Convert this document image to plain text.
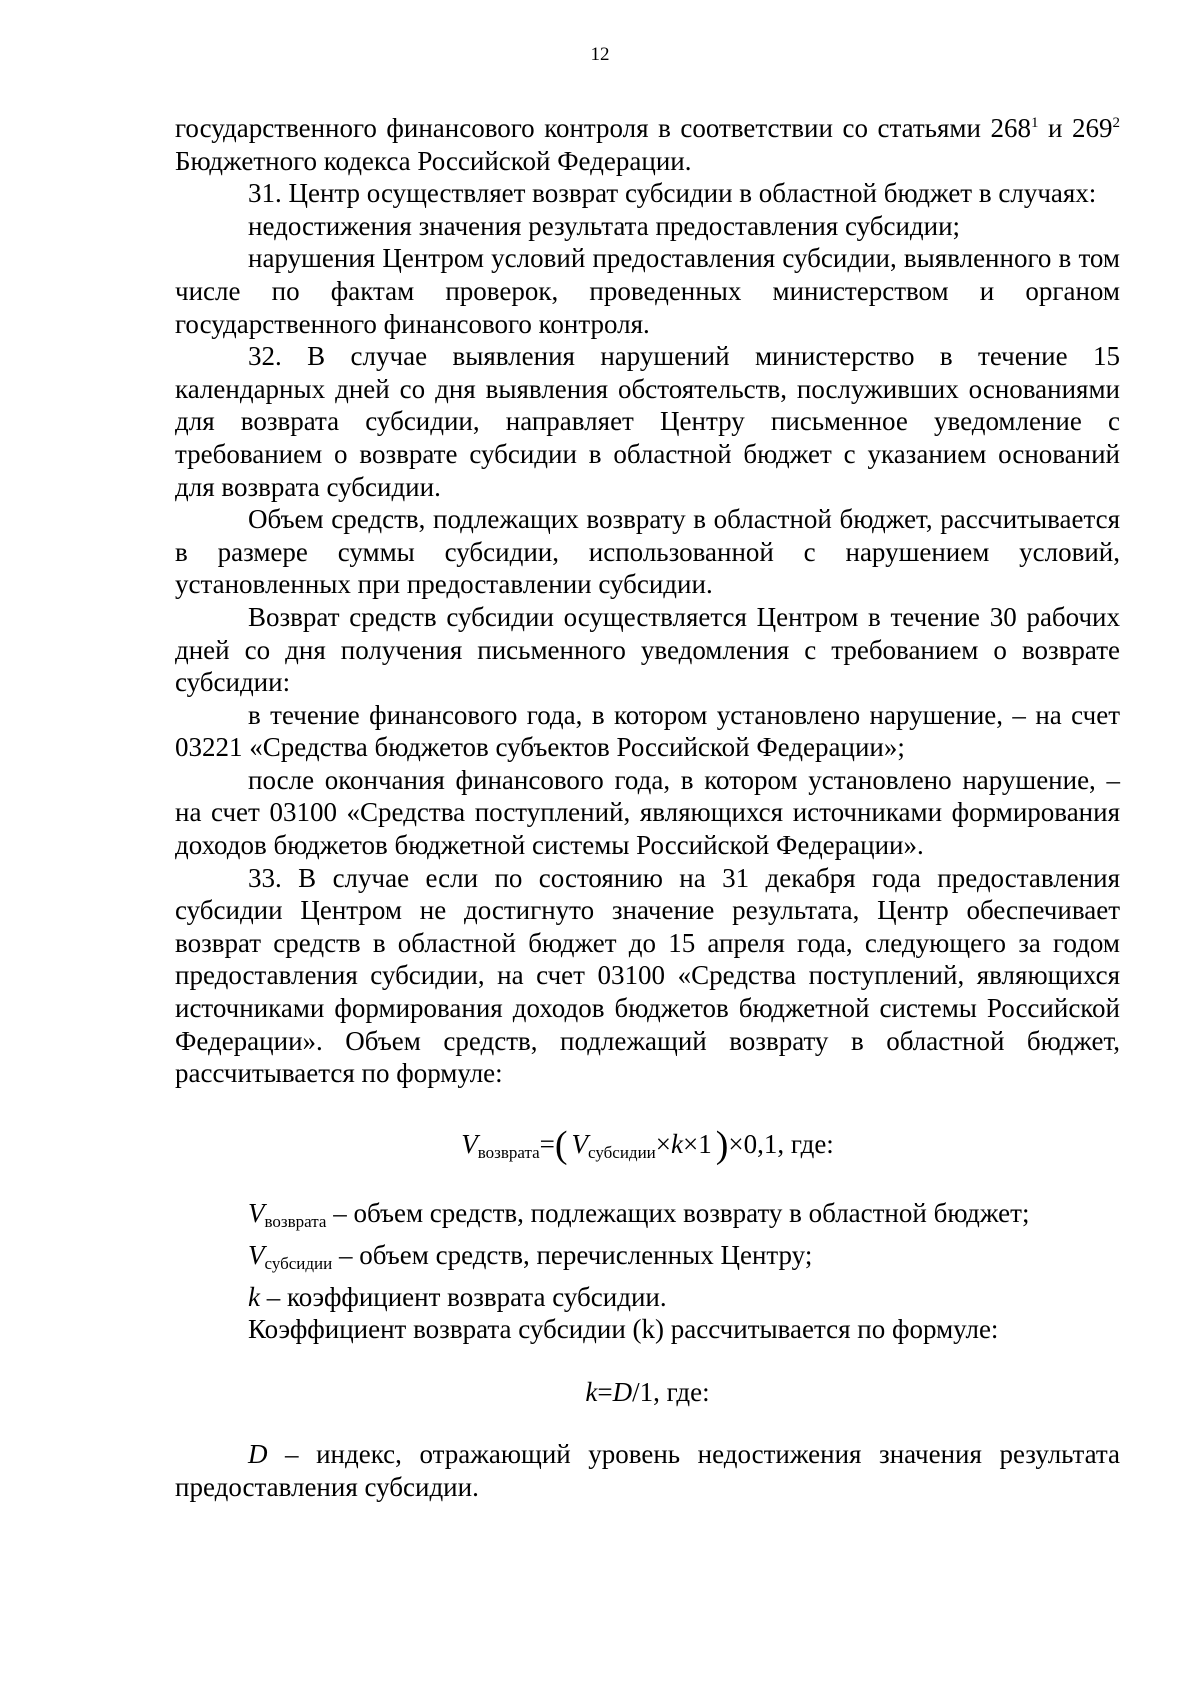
12

государственного финансового контроля в соответствии со статьями $268^1$ и $269^2$ Бюджетного кодекса Российской Федерации.

31. Центр осуществляет возврат субсидии в областной бюджет в случаях:

недостижения значения результата предоставления субсидии;

нарушения Центром условий предоставления субсидии, выявленного в том числе по фактам проверок, проведенных министерством и органом государственного финансового контроля.

32. В случае выявления нарушений министерство в течение 15 календарных дней со дня выявления обстоятельств, послуживших основаниями для возврата субсидии, направляет Центру письменное уведомление с требованием о возврате субсидии в областной бюджет с указанием оснований для возврата субсидии.

Объем средств, подлежащих возврату в областной бюджет, рассчитывается в размере суммы субсидии, использованной с нарушением условий, установленных при предоставлении субсидии.

Возврат средств субсидии осуществляется Центром в течение 30 рабочих дней со дня получения письменного уведомления с требованием о возврате субсидии:

в течение финансового года, в котором установлено нарушение, – на счет 03221 «Средства бюджетов субъектов Российской Федерации»;

после окончания финансового года, в котором установлено нарушение, – на счет 03100 «Средства поступлений, являющихся источниками формирования доходов бюджетов бюджетной системы Российской Федерации».

33. В случае если по состоянию на 31 декабря года предоставления субсидии Центром не достигнуто значение результата, Центр обеспечивает возврат средств в областной бюджет до 15 апреля года, следующего за годом предоставления субсидии, на счет 03100 «Средства поступлений, являющихся источниками формирования доходов бюджетов бюджетной системы Российской Федерации». Объем средств, подлежащий возврату в областной бюджет, рассчитывается по формуле:

$V_{возврата}=$( $V_{субсидии}\times k\times 1$ )×0,1, где:

$V_{возврата}$ – объем средств, подлежащих возврату в областной бюджет;

$V_{субсидии}$ – объем средств, перечисленных Центру;

k – коэффициент возврата субсидии.

Коэффициент возврата субсидии (k) рассчитывается по формуле:

k=D/1, где:

D – индекс, отражающий уровень недостижения значения результата предоставления субсидии.
